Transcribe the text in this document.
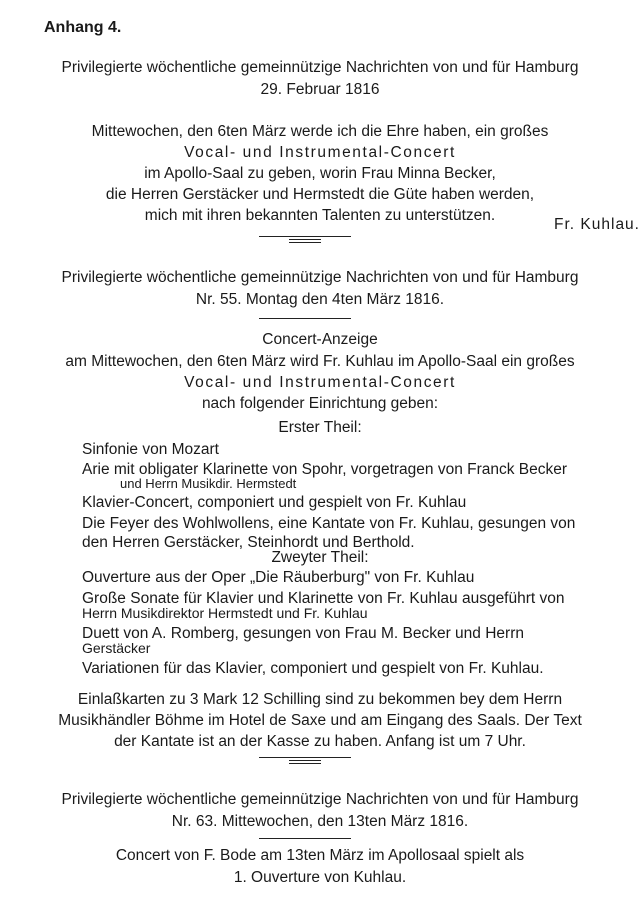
Anhang 4.
Privilegierte wöchentliche gemeinnützige Nachrichten von und für Hamburg
29. Februar 1816
Mittewochen, den 6ten März werde ich die Ehre haben, ein großes
Vocal- und Instrumental-Concert
im Apollo-Saal zu geben, worin Frau Minna Becker,
die Herren Gerstäcker und Hermstedt die Güte haben werden,
mich mit ihren bekannten Talenten zu unterstützen.
Fr. Kuhlau.
Privilegierte wöchentliche gemeinnützige Nachrichten von und für Hamburg
Nr. 55. Montag den 4ten März 1816.
Concert-Anzeige
am Mittewochen, den 6ten März wird Fr. Kuhlau im Apollo-Saal ein großes
Vocal- und Instrumental-Concert
nach folgender Einrichtung geben:
Erster Theil:
Sinfonie von Mozart
Arie mit obligater Klarinette von Spohr, vorgetragen von Franck Becker
und Herrn Musikdir. Hermstedt
Klavier-Concert, componiert und gespielt von Fr. Kuhlau
Die Feyer des Wohlwollens, eine Kantate von Fr. Kuhlau, gesungen von
den Herren Gerstäcker, Steinhordt und Berthold.
Zweyter Theil:
Ouverture aus der Oper „Die Räuberburg" von Fr. Kuhlau
Große Sonate für Klavier und Klarinette von Fr. Kuhlau ausgeführt von
Herrn Musikdirektor Hermstedt und Fr. Kuhlau
Duett von A. Romberg, gesungen von Frau M. Becker und Herrn
Gerstäcker
Variationen für das Klavier, componiert und gespielt von Fr. Kuhlau.
Einlaßkarten zu 3 Mark 12 Schilling sind zu bekommen bey dem Herrn
Musikhändler Böhme im Hotel de Saxe und am Eingang des Saals. Der Text
der Kantate ist an der Kasse zu haben. Anfang ist um 7 Uhr.
Privilegierte wöchentliche gemeinnützige Nachrichten von und für Hamburg
Nr. 63. Mittewochen, den 13ten März 1816.
Concert von F. Bode am 13ten März im Apollosaal spielt als
1. Ouverture von Kuhlau.
